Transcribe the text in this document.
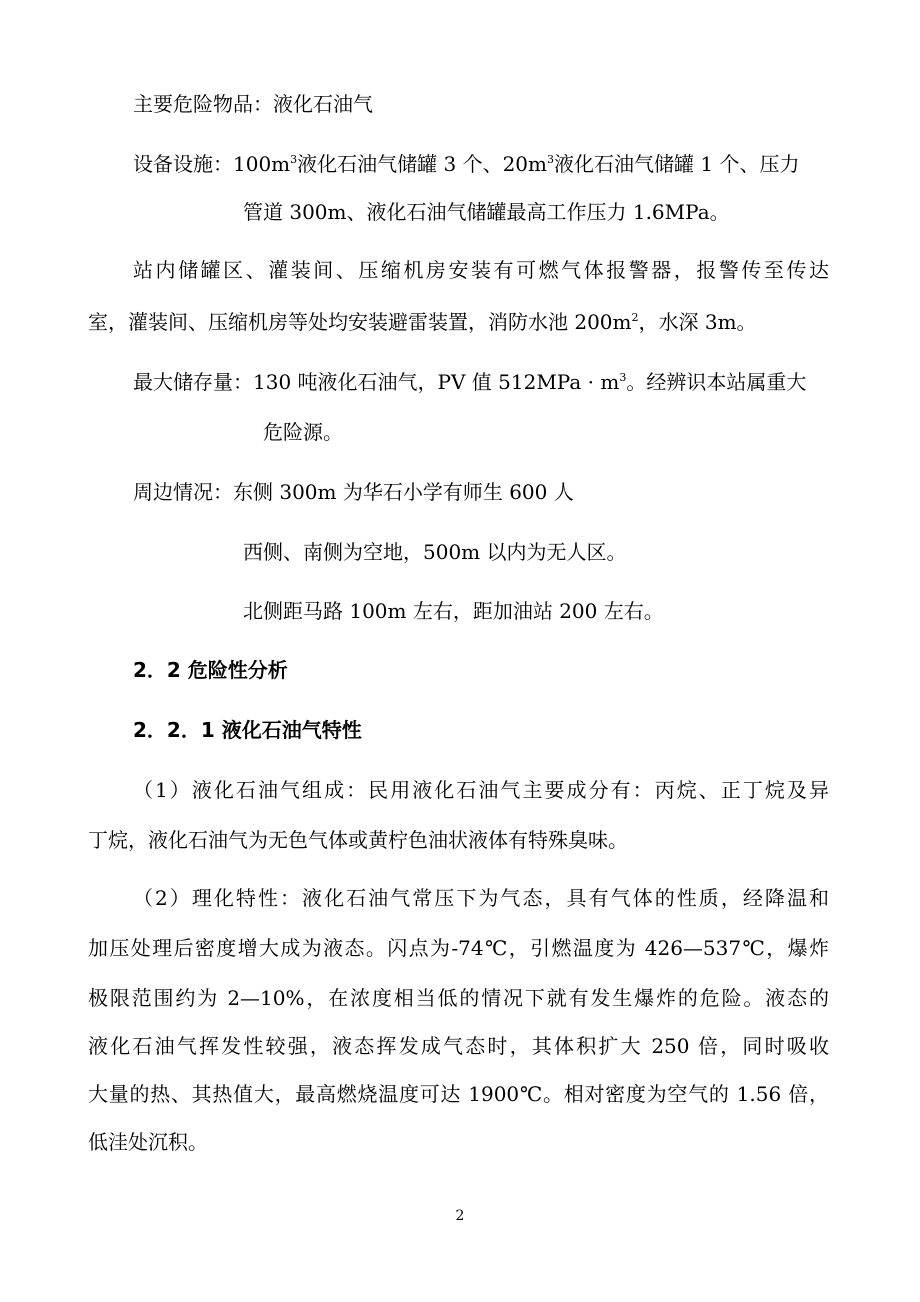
主要危险物品：液化石油气
设备设施：$100m^3$液化石油气储罐 3 个、$20m^3$液化石油气储罐 1 个、压力
管道 300m、液化石油气储罐最高工作压力 1.6MPa。
站内储罐区、灌装间、压缩机房安装有可燃气体报警器，报警传至传达
室，灌装间、压缩机房等处均安装避雷装置，消防水池 $200m^2$，水深 3m。
最大储存量：130 吨液化石油气，PV 值 $512MPa \cdot m^3$。经辨识本站属重大
危险源。
周边情况：东侧 300m 为华石小学有师生 600 人
西侧、南侧为空地，500m 以内为无人区。
北侧距马路 100m 左右，距加油站 200 左右。
2．2 危险性分析
2．2．1 液化石油气特性
（1）液化石油气组成：民用液化石油气主要成分有：丙烷、正丁烷及异
丁烷，液化石油气为无色气体或黄柠色油状液体有特殊臭味。
（2）理化特性：液化石油气常压下为气态，具有气体的性质，经降温和
加压处理后密度增大成为液态。闪点为-74℃，引燃温度为 426—537℃，爆炸
极限范围约为 2—10%，在浓度相当低的情况下就有发生爆炸的危险。液态的
液化石油气挥发性较强，液态挥发成气态时，其体积扩大 250 倍，同时吸收
大量的热、其热值大，最高燃烧温度可达 1900℃。相对密度为空气的 1.56 倍，
低洼处沉积。
2
